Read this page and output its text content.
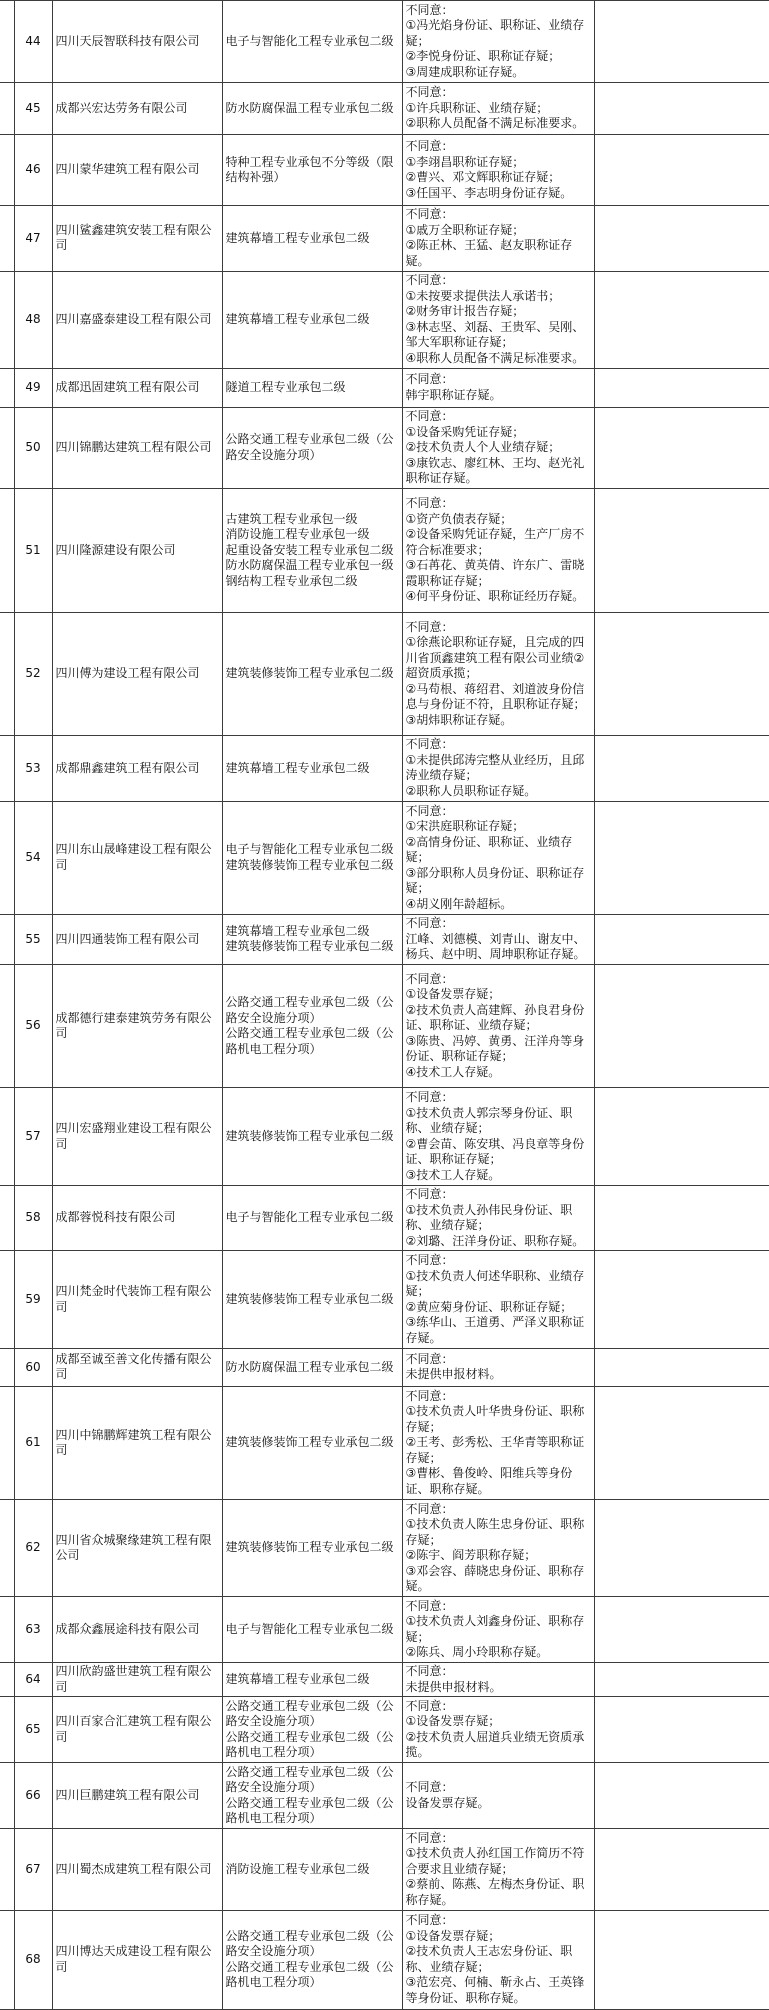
	44	四川天辰智联科技有限公司	电子与智能化工程专业承包二级	不同意：
①冯光焰身份证、职称证、业绩存疑；
②李悦身份证、职称证存疑；
③周建成职称证存疑。	

	45	成都兴宏达劳务有限公司	防水防腐保温工程专业承包二级	不同意：
①许兵职称证、业绩存疑；
②职称人员配备不满足标准要求。	

	46	四川蒙华建筑工程有限公司	特种工程专业承包不分等级（限结构补强）	不同意：
①李翊昌职称证存疑；
②曹兴、邓文辉职称证存疑；
③任国平、李志明身份证存疑。	

	47	四川鲨鑫建筑安装工程有限公司	建筑幕墙工程专业承包二级	不同意：
①戚万全职称证存疑；
②陈正林、王猛、赵友职称证存疑。	

	48	四川嘉盛泰建设工程有限公司	建筑幕墙工程专业承包二级	不同意：
①未按要求提供法人承诺书；
②财务审计报告存疑；
③林志坚、刘磊、王贵军、吴刚、邹大军职称证存疑；
④职称人员配备不满足标准要求。	

	49	成都迅固建筑工程有限公司	隧道工程专业承包二级	不同意：
韩宇职称证存疑。	

	50	四川锦鹏达建筑工程有限公司	公路交通工程专业承包二级（公路安全设施分项）	不同意：
①设备采购凭证存疑；
②技术负责人个人业绩存疑；
③康钦志、廖红林、王均、赵光礼职称证存疑。	

	51	四川隆源建设有限公司	古建筑工程专业承包一级
消防设施工程专业承包一级
起重设备安装工程专业承包二级
防水防腐保温工程专业承包一级
钢结构工程专业承包二级	不同意：
①资产负债表存疑；
②设备采购凭证存疑，生产厂房不符合标准要求；
③石苒花、黄英倩、许东广、雷晓霞职称证存疑；
④何平身份证、职称证经历存疑。	

	52	四川傅为建设工程有限公司	建筑装修装饰工程专业承包二级	不同意：
①徐燕论职称证存疑，且完成的四川省顶鑫建筑工程有限公司业绩②超资质承揽；
②马苟根、蒋绍君、刘道波身份信息与身份证不符，且职称证存疑；
③胡炜职称证存疑。	

	53	成都鼎鑫建筑工程有限公司	建筑幕墙工程专业承包二级	不同意：
①未提供邱涛完整从业经历，且邱涛业绩存疑；
②职称人员职称证存疑。	

	54	四川东山晟峰建设工程有限公司	电子与智能化工程专业承包二级
建筑装修装饰工程专业承包二级	不同意：
①宋洪庭职称证存疑；
②高情身份证、职称证、业绩存疑；
③部分职称人员身份证、职称证存疑；
④胡义刚年龄超标。	

	55	四川四通装饰工程有限公司	建筑幕墙工程专业承包二级
建筑装修装饰工程专业承包二级	不同意：
江峰、刘德模、刘青山、谢友中、杨兵、赵中明、周坤职称证存疑。	

	56	成都德行建泰建筑劳务有限公司	公路交通工程专业承包二级（公路安全设施分项）
公路交通工程专业承包二级（公路机电工程分项）	不同意：
①设备发票存疑；
②技术负责人高建辉、孙良君身份证、职称证、业绩存疑；
③陈贵、冯婷、黄勇、汪洋舟等身份证、职称证存疑；
④技术工人存疑。	

	57	四川宏盛翔业建设工程有限公司	建筑装修装饰工程专业承包二级	不同意：
①技术负责人郭宗琴身份证、职称、业绩存疑；
②曹会苗、陈安琪、冯良章等身份证、职称证存疑；
③技术工人存疑。	

	58	成都蓉悦科技有限公司	电子与智能化工程专业承包二级	不同意：
①技术负责人孙伟民身份证、职称、业绩存疑；
②刘璐、汪洋身份证、职称存疑。	

	59	四川梵金时代装饰工程有限公司	建筑装修装饰工程专业承包二级	不同意：
①技术负责人何述华职称、业绩存疑；
②黄应菊身份证、职称证存疑；
③练华山、王道勇、严泽义职称证存疑。	

	60	成都至诚至善文化传播有限公司	防水防腐保温工程专业承包二级	不同意：
未提供申报材料。	

	61	四川中锦鹏辉建筑工程有限公司	建筑装修装饰工程专业承包二级	不同意：
①技术负责人叶华贵身份证、职称存疑；
②王考、彭秀松、王华青等职称证存疑；
③曹彬、鲁俊岭、阳维兵等身份证、职称存疑。	

	62	四川省众城聚缘建筑工程有限公司	建筑装修装饰工程专业承包二级	不同意：
①技术负责人陈生忠身份证、职称存疑；
②陈宇、阎芳职称存疑；
③邓会容、薛晓忠身份证、职称存疑。	

	63	成都众鑫展途科技有限公司	电子与智能化工程专业承包二级	不同意：
①技术负责人刘鑫身份证、职称存疑；
②陈兵、周小玲职称存疑。	

	64	四川欣韵盛世建筑工程有限公司	建筑幕墙工程专业承包二级	不同意：
未提供申报材料。	

	65	四川百家合汇建筑工程有限公司	公路交通工程专业承包二级（公路安全设施分项）
公路交通工程专业承包二级（公路机电工程分项）	不同意：
①设备发票存疑；
②技术负责人屈道兵业绩无资质承揽。	

	66	四川巨鹏建筑工程有限公司	公路交通工程专业承包二级（公路安全设施分项）
公路交通工程专业承包二级（公路机电工程分项）	不同意：
设备发票存疑。	

	67	四川蜀杰成建筑工程有限公司	消防设施工程专业承包二级	不同意：
①技术负责人孙红国工作简历不符合要求且业绩存疑；
②蔡前、陈燕、左梅杰身份证、职称存疑。	

	68	四川博达天成建设工程有限公司	公路交通工程专业承包二级（公路安全设施分项）
公路交通工程专业承包二级（公路机电工程分项）	不同意：
①设备发票存疑；
②技术负责人王志宏身份证、职称、业绩存疑；
③范宏亮、何楠、靳永占、王英锋等身份证、职称存疑。	
